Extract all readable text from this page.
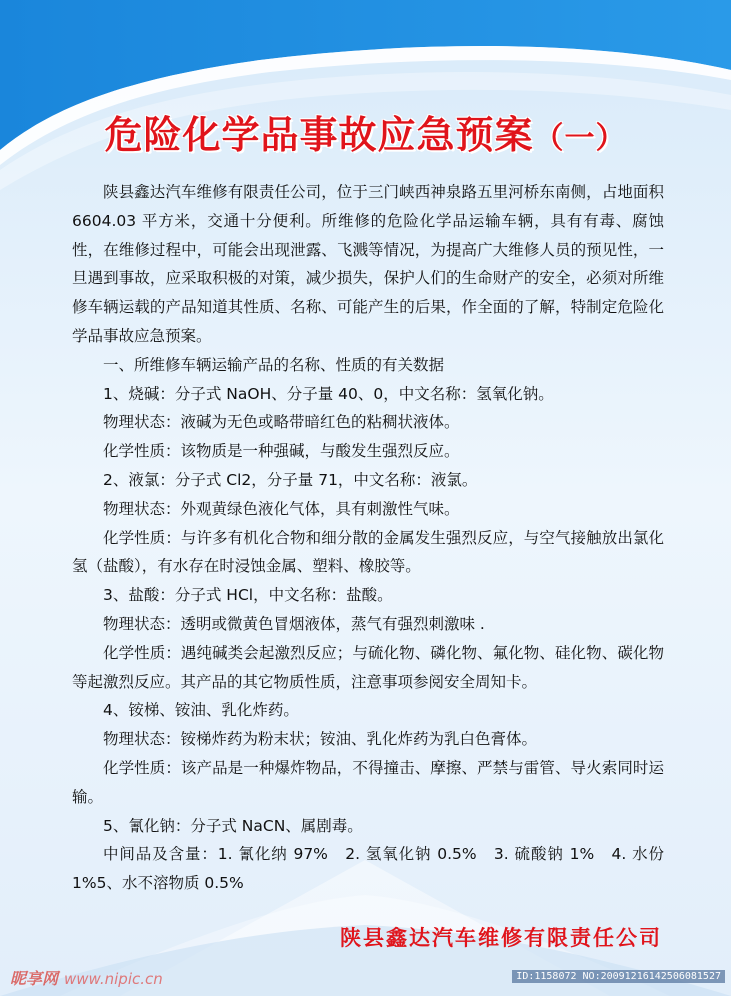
危险化学品事故应急预案（一）

陕县鑫达汽车维修有限责任公司，位于三门峡西神泉路五里河桥东南侧，占地面积 6604.03 平方米，交通十分便利。所维修的危险化学品运输车辆，具有有毒、腐蚀性，在维修过程中，可能会出现泄露、飞溅等情况，为提高广大维修人员的预见性，一旦遇到事故，应采取积极的对策，减少损失，保护人们的生命财产的安全，必须对所维修车辆运载的产品知道其性质、名称、可能产生的后果，作全面的了解，特制定危险化学品事故应急预案。

一、所维修车辆运输产品的名称、性质的有关数据

1、烧碱：分子式 NaOH、分子量 40、0，中文名称：氢氧化钠。

物理状态：液碱为无色或略带暗红色的粘稠状液体。

化学性质：该物质是一种强碱，与酸发生强烈反应。

2、液氯：分子式 Cl2，分子量 71，中文名称：液氯。

物理状态：外观黄绿色液化气体，具有刺激性气味。

化学性质：与许多有机化合物和细分散的金属发生强烈反应，与空气接触放出氯化氢（盐酸），有水存在时浸蚀金属、塑料、橡胶等。

3、盐酸：分子式 HCl，中文名称：盐酸。

物理状态：透明或微黄色冒烟液体，蒸气有强烈刺激味 .

化学性质：遇纯碱类会起激烈反应；与硫化物、磷化物、氟化物、硅化物、碳化物等起激烈反应。其产品的其它物质性质，注意事项参阅安全周知卡。

4、铵梯、铵油、乳化炸药。

物理状态：铵梯炸药为粉末状；铵油、乳化炸药为乳白色膏体。

化学性质：该产品是一种爆炸物品，不得撞击、摩擦、严禁与雷管、导火索同时运输。

5、氰化钠：分子式 NaCN、属剧毒。

中间品及含量：1. 氰化纳 97%　2. 氢氧化钠 0.5%　3. 硫酸钠 1%　4. 水份 1%5、水不溶物质 0.5%

陕县鑫达汽车维修有限责任公司
昵享网 www.nipic.cn	ID:1158072 NO:20091216142506081527
